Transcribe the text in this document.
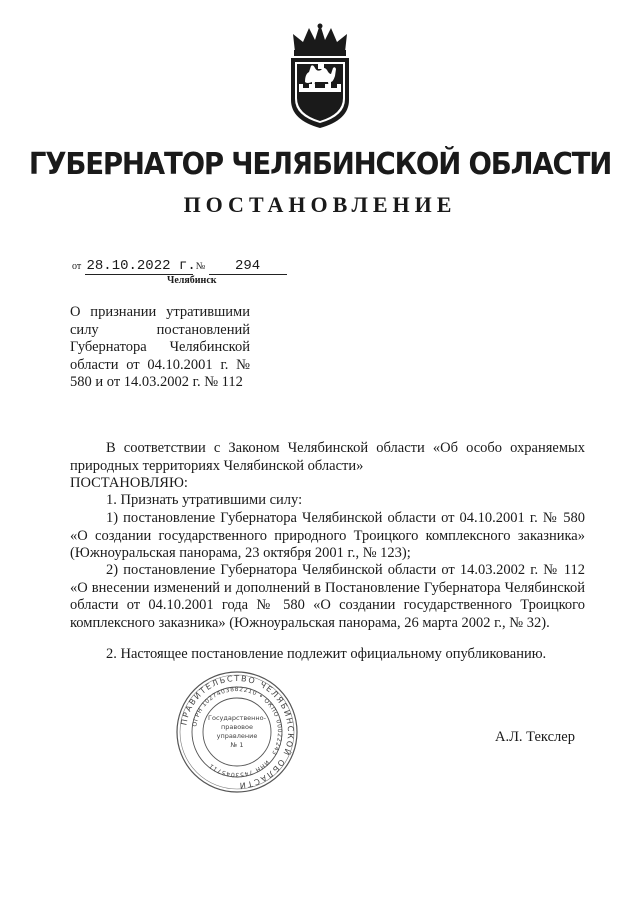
ГУБЕРНАТОР ЧЕЛЯБИНСКОЙ ОБЛАСТИ
ПОСТАНОВЛЕНИЕ
от 28.10.2022 г. № 294
Челябинск
О признании утратившими силу постановлений Губернатора Челябинской области от 04.10.2001 г. № 580 и от 14.03.2002 г. № 112
В соответствии с Законом Челябинской области «Об особо охраняемых природных территориях Челябинской области»
ПОСТАНОВЛЯЮ:
1. Признать утратившими силу:
1) постановление Губернатора Челябинской области от 04.10.2001 г. № 580 «О создании государственного природного Троицкого комплексного заказника» (Южноуральская панорама, 23 октября 2001 г., № 123);
2) постановление Губернатора Челябинской области от 14.03.2002 г. № 112 «О внесении изменений и дополнений в Постановление Губернатора Челябинской области от 04.10.2001 года № 580 «О создании государственного Троицкого комплексного заказника» (Южноуральская панорама, 26 марта 2002 г., № 32).
2. Настоящее постановление подлежит официальному опубликованию.
ПРАВИТЕЛЬСТВО ЧЕЛЯБИНСКОЙ ОБЛАСТИ
ОГРН 1027403882210 • ОКПО 00022243
ИНН 7453045711
Государственно-
правовое
управление
№ 1	А.Л. Текслер
